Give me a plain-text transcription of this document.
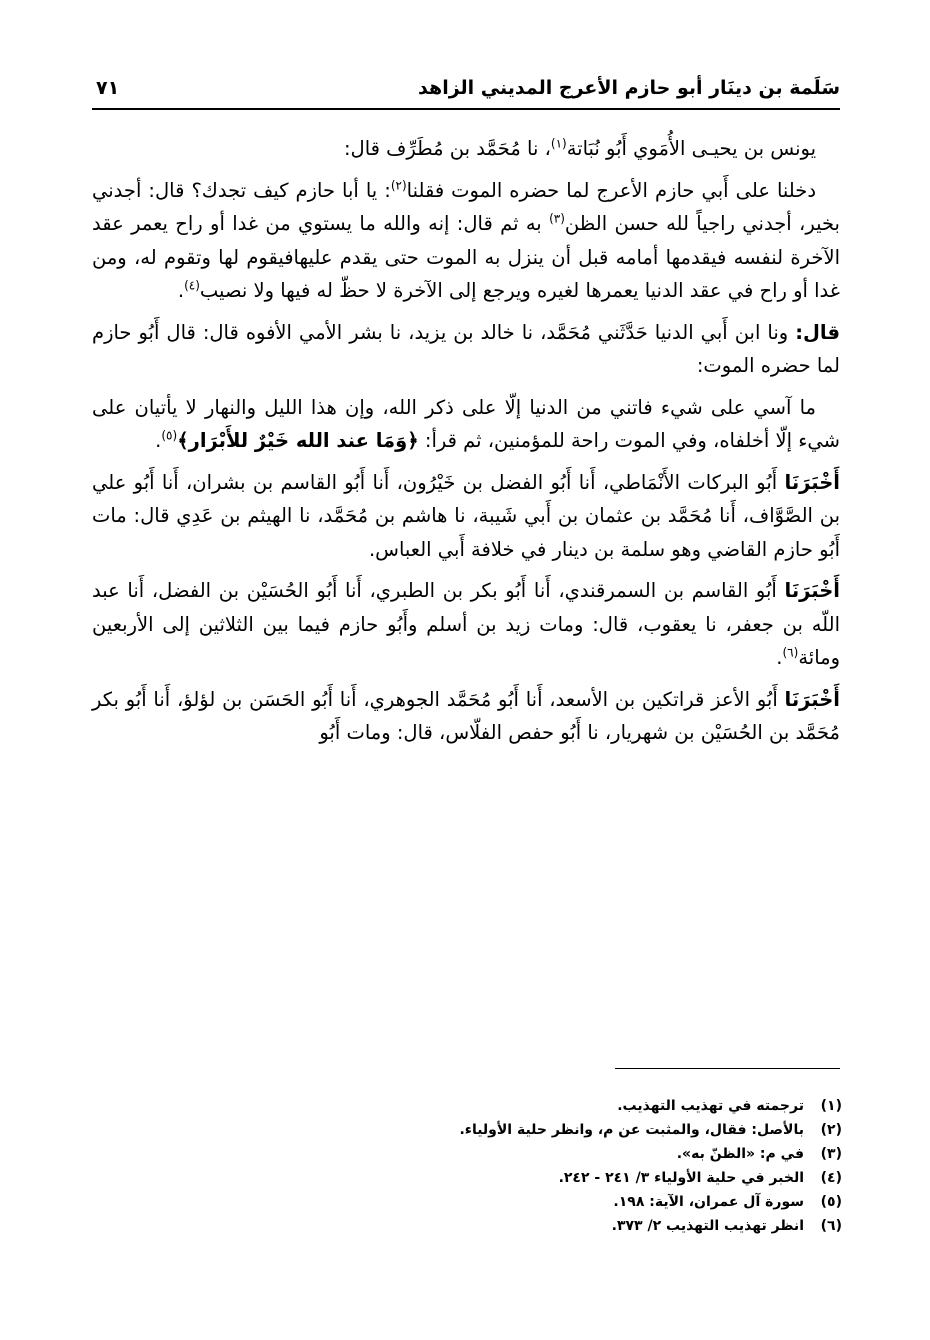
سَلَمة بن دينَار أبو حازم الأعرج المديني الزاهد
٧١

يونس بن يحيـى الأُمَوي أَبُو نُبَاتة$^{(١)}$، نا مُحَمَّد بن مُطَرِّف قال:

دخلنا على أَبي حازم الأعرج لما حضره الموت فقلنا$^{(٢)}$: يا أبا حازم كيف تجدك؟ قال: أجدني بخير، أجدني راجياً لله حسن الظن$^{(٣)}$ به ثم قال: إنه والله ما يستوي من غدا أو راح يعمر عقد الآخرة لنفسه فيقدمها أمامه قبل أن ينزل به الموت حتى يقدم عليهافيقوم لها وتقوم له، ومن غدا أو راح في عقد الدنيا يعمرها لغيره ويرجع إلى الآخرة لا حظّ له فيها ولا نصيب$^{(٤)}$.

قال: ونا ابن أَبي الدنيا حَدَّثَني مُحَمَّد، نا خالد بن يزيد، نا بشر الأمي الأفوه قال: قال أَبُو حازم لما حضره الموت:

ما آسي على شيء فاتني من الدنيا إلّا على ذكر الله، وإن هذا الليل والنهار لا يأتيان على شيء إلّا أخلفاه، وفي الموت راحة للمؤمنين، ثم قرأ: ﴿وَمَا عند الله خَيْرٌ للأَبْرَار﴾$^{(٥)}$.

أَخْبَرَنَا أَبُو البركات الأَنْمَاطي، أَنا أَبُو الفضل بن خَيْرُون، أَنا أَبُو القاسم بن بشران، أَنا أَبُو علي بن الصَّوَّاف، أَنا مُحَمَّد بن عثمان بن أَبي شَيبة، نا هاشم بن مُحَمَّد، نا الهيثم بن عَدِي قال: مات أَبُو حازم القاضي وهو سلمة بن دينار في خلافة أَبي العباس.

أَخْبَرَنَا أَبُو القاسم بن السمرقندي، أَنا أَبُو بكر بن الطبري، أَنا أَبُو الحُسَيْن بن الفضل، أَنا عبد اللّه بن جعفر، نا يعقوب، قال: ومات زيد بن أسلم وأَبُو حازم فيما بين الثلاثين إلى الأربعين ومائة$^{(٦)}$.

أَخْبَرَنَا أَبُو الأعز قراتكين بن الأسعد، أَنا أَبُو مُحَمَّد الجوهري، أَنا أَبُو الحَسَن بن لؤلؤ، أَنا أَبُو بكر مُحَمَّد بن الحُسَيْن بن شهريار، نا أَبُو حفص الفلّاس، قال: ومات أَبُو

(١)
ترجمته في تهذيب التهذيب.

(٢)
بالأصل: فقال، والمثبت عن م، وانظر حلية الأولياء.

(٣)
في م: «الظنّ به».

(٤)
الخبر في حلية الأولياء ٣/ ٢٤١ - ٢٤٢.

(٥)
سورة آل عمران، الآية: ١٩٨.

(٦)
انظر تهذيب التهذيب ٢/ ٣٧٣.
